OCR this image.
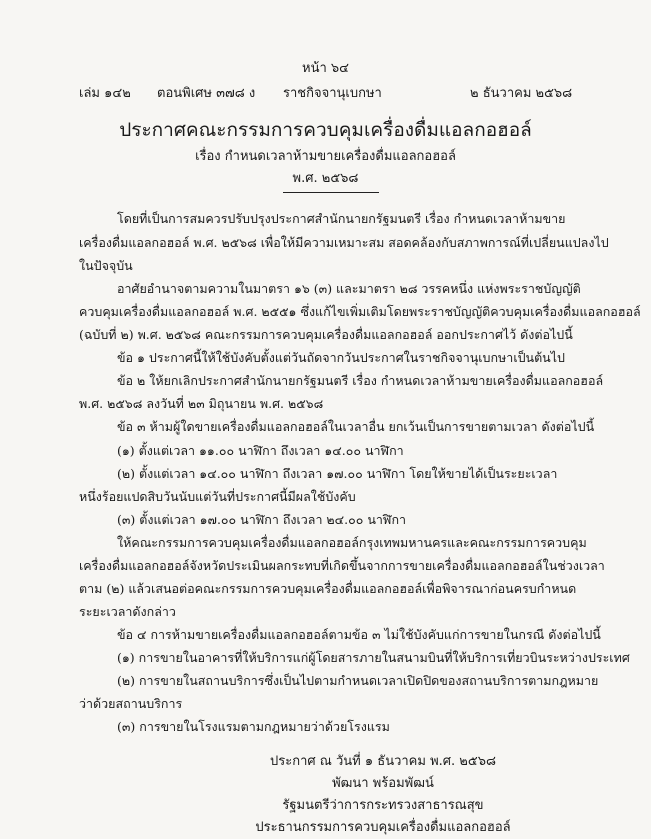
หน้า ๖๔
เล่ม ๑๔๒ ตอนพิเศษ ๓๗๘ ง ราชกิจจานุเบกษา	๒ ธันวาคม ๒๕๖๘
ประกาศคณะกรรมการควบคุมเครื่องดื่มแอลกอฮอล์
เรื่อง กำหนดเวลาห้ามขายเครื่องดื่มแอลกอฮอล์
พ.ศ. ๒๕๖๘
โดยที่เป็นการสมควรปรับปรุงประกาศสำนักนายกรัฐมนตรี เรื่อง กำหนดเวลาห้ามขาย
เครื่องดื่มแอลกอฮอล์ พ.ศ. ๒๕๖๘ เพื่อให้มีความเหมาะสม สอดคล้องกับสภาพการณ์ที่เปลี่ยนแปลงไป
ในปัจจุบัน
อาศัยอำนาจตามความในมาตรา ๑๖ (๓) และมาตรา ๒๘ วรรคหนึ่ง แห่งพระราชบัญญัติ
ควบคุมเครื่องดื่มแอลกอฮอล์ พ.ศ. ๒๕๕๑ ซึ่งแก้ไขเพิ่มเติมโดยพระราชบัญญัติควบคุมเครื่องดื่มแอลกอฮอล์
(ฉบับที่ ๒) พ.ศ. ๒๕๖๘ คณะกรรมการควบคุมเครื่องดื่มแอลกอฮอล์ ออกประกาศไว้ ดังต่อไปนี้
ข้อ ๑ ประกาศนี้ให้ใช้บังคับตั้งแต่วันถัดจากวันประกาศในราชกิจจานุเบกษาเป็นต้นไป
ข้อ ๒ ให้ยกเลิกประกาศสำนักนายกรัฐมนตรี เรื่อง กำหนดเวลาห้ามขายเครื่องดื่มแอลกอฮอล์
พ.ศ. ๒๕๖๘ ลงวันที่ ๒๓ มิถุนายน พ.ศ. ๒๕๖๘
ข้อ ๓ ห้ามผู้ใดขายเครื่องดื่มแอลกอฮอล์ในเวลาอื่น ยกเว้นเป็นการขายตามเวลา ดังต่อไปนี้
(๑) ตั้งแต่เวลา ๑๑.๐๐ นาฬิกา ถึงเวลา ๑๔.๐๐ นาฬิกา
(๒) ตั้งแต่เวลา ๑๔.๐๐ นาฬิกา ถึงเวลา ๑๗.๐๐ นาฬิกา โดยให้ขายได้เป็นระยะเวลา
หนึ่งร้อยแปดสิบวันนับแต่วันที่ประกาศนี้มีผลใช้บังคับ
(๓) ตั้งแต่เวลา ๑๗.๐๐ นาฬิกา ถึงเวลา ๒๔.๐๐ นาฬิกา
ให้คณะกรรมการควบคุมเครื่องดื่มแอลกอฮอล์กรุงเทพมหานครและคณะกรรมการควบคุม
เครื่องดื่มแอลกอฮอล์จังหวัดประเมินผลกระทบที่เกิดขึ้นจากการขายเครื่องดื่มแอลกอฮอล์ในช่วงเวลา
ตาม (๒) แล้วเสนอต่อคณะกรรมการควบคุมเครื่องดื่มแอลกอฮอล์เพื่อพิจารณาก่อนครบกำหนด
ระยะเวลาดังกล่าว
ข้อ ๔ การห้ามขายเครื่องดื่มแอลกอฮอล์ตามข้อ ๓ ไม่ใช้บังคับแก่การขายในกรณี ดังต่อไปนี้
(๑) การขายในอาคารที่ให้บริการแก่ผู้โดยสารภายในสนามบินที่ให้บริการเที่ยวบินระหว่างประเทศ
(๒) การขายในสถานบริการซึ่งเป็นไปตามกำหนดเวลาเปิดปิดของสถานบริการตามกฎหมาย
ว่าด้วยสถานบริการ
(๓) การขายในโรงแรมตามกฎหมายว่าด้วยโรงแรม
ประกาศ ณ วันที่ ๑ ธันวาคม พ.ศ. ๒๕๖๘
พัฒนา พร้อมพัฒน์
รัฐมนตรีว่าการกระทรวงสาธารณสุข
ประธานกรรมการควบคุมเครื่องดื่มแอลกอฮอล์
